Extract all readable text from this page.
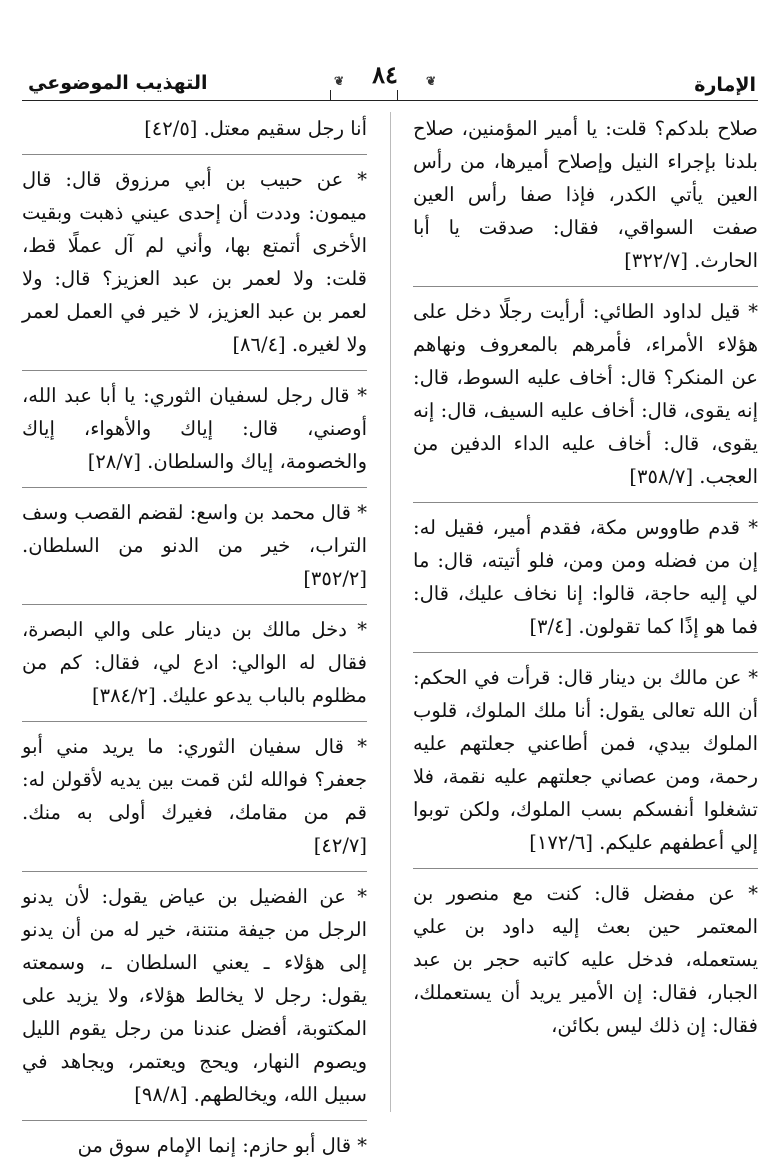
الإمارة
❦
٨٤
❦
التهذيب الموضوعي

صلاح بلدكم؟ قلت: يا أمير المؤمنين، صلاح بلدنا بإجراء النيل وإصلاح أميرها، من رأس العين يأتي الكدر، فإذا صفا رأس العين صفت السواقي، فقال: صدقت يا أبا الحارث. [٣٢٢/٧]

* قيل لداود الطائي: أرأيت رجلًا دخل على هؤلاء الأمراء، فأمرهم بالمعروف ونهاهم عن المنكر؟ قال: أخاف عليه السوط، قال: إنه يقوى، قال: أخاف عليه السيف، قال: إنه يقوى، قال: أخاف عليه الداء الدفين من العجب. [٣٥٨/٧]

* قدم طاووس مكة، فقدم أمير، فقيل له: إن من فضله ومن ومن، فلو أتيته، قال: ما لي إليه حاجة، قالوا: إنا نخاف عليك، قال: فما هو إذًا كما تقولون. [٣/٤]

* عن مالك بن دينار قال: قرأت في الحكم: أن الله تعالى يقول: أنا ملك الملوك، قلوب الملوك بيدي، فمن أطاعني جعلتهم عليه رحمة، ومن عصاني جعلتهم عليه نقمة، فلا تشغلوا أنفسكم بسب الملوك، ولكن توبوا إلي أعطفهم عليكم. [١٧٢/٦]

* عن مفضل قال: كنت مع منصور بن المعتمر حين بعث إليه داود بن علي يستعمله، فدخل عليه كاتبه حجر بن عبد الجبار، فقال: إن الأمير يريد أن يستعملك، فقال: إن ذلك ليس بكائن،

أنا رجل سقيم معتل. [٤٢/٥]

* عن حبيب بن أبي مرزوق قال: قال ميمون: وددت أن إحدى عيني ذهبت وبقيت الأخرى أتمتع بها، وأني لم آل عملًا قط، قلت: ولا لعمر بن عبد العزيز؟ قال: ولا لعمر بن عبد العزيز، لا خير في العمل لعمر ولا لغيره. [٨٦/٤]

* قال رجل لسفيان الثوري: يا أبا عبد الله، أوصني، قال: إياك والأهواء، إياك والخصومة، إياك والسلطان. [٢٨/٧]

* قال محمد بن واسع: لقضم القصب وسف التراب، خير من الدنو من السلطان. [٣٥٢/٢]

* دخل مالك بن دينار على والي البصرة، فقال له الوالي: ادع لي، فقال: كم من مظلوم بالباب يدعو عليك. [٣٨٤/٢]

* قال سفيان الثوري: ما يريد مني أبو جعفر؟ فوالله لئن قمت بين يديه لأقولن له: قم من مقامك، فغيرك أولى به منك. [٤٢/٧]

* عن الفضيل بن عياض يقول: لأن يدنو الرجل من جيفة منتنة، خير له من أن يدنو إلى هؤلاء ـ يعني السلطان ـ، وسمعته يقول: رجل لا يخالط هؤلاء، ولا يزيد على المكتوبة، أفضل عندنا من رجل يقوم الليل ويصوم النهار، ويحج ويعتمر، ويجاهد في سبيل الله، ويخالطهم. [٩٨/٨]

* قال أبو حازم: إنما الإمام سوق من
